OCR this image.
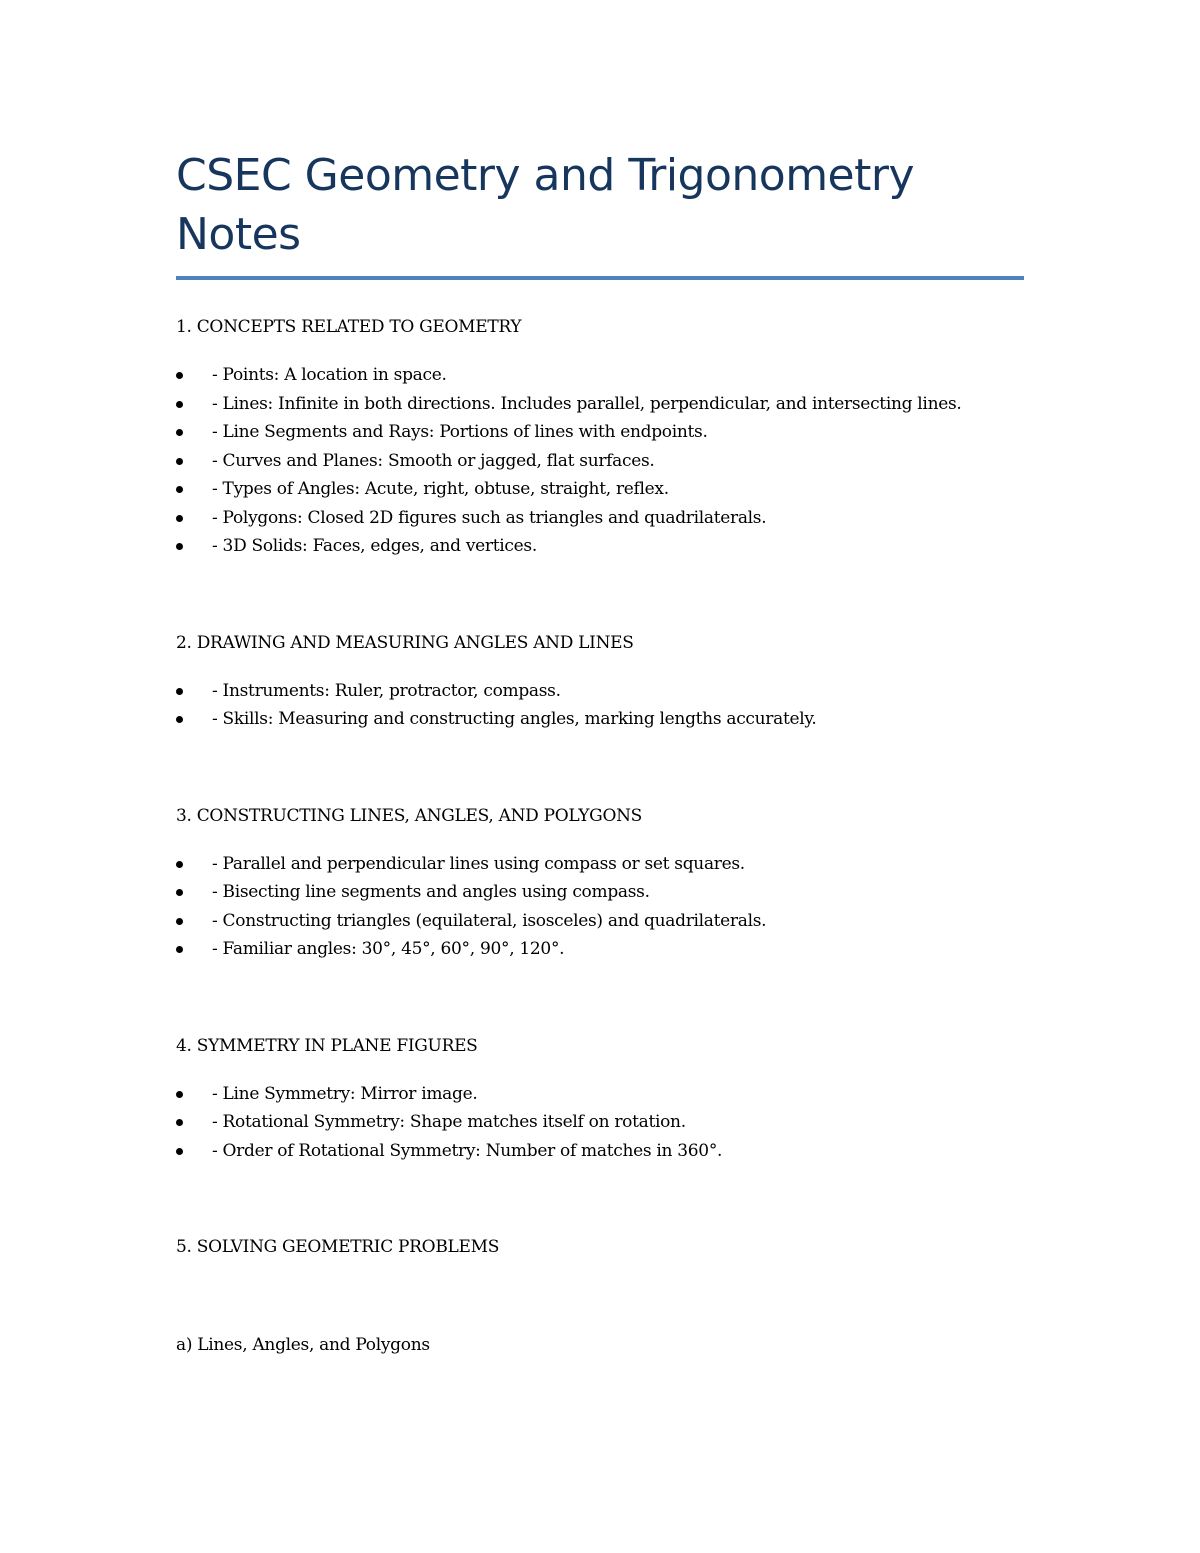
CSEC Geometry and Trigonometry Notes

1. CONCEPTS RELATED TO GEOMETRY

- Points: A location in space.
- Lines: Infinite in both directions. Includes parallel, perpendicular, and intersecting lines.
- Line Segments and Rays: Portions of lines with endpoints.
- Curves and Planes: Smooth or jagged, flat surfaces.
- Types of Angles: Acute, right, obtuse, straight, reflex.
- Polygons: Closed 2D figures such as triangles and quadrilaterals.
- 3D Solids: Faces, edges, and vertices.

2. DRAWING AND MEASURING ANGLES AND LINES

- Instruments: Ruler, protractor, compass.
- Skills: Measuring and constructing angles, marking lengths accurately.

3. CONSTRUCTING LINES, ANGLES, AND POLYGONS

- Parallel and perpendicular lines using compass or set squares.
- Bisecting line segments and angles using compass.
- Constructing triangles (equilateral, isosceles) and quadrilaterals.
- Familiar angles: 30°, 45°, 60°, 90°, 120°.

4. SYMMETRY IN PLANE FIGURES

- Line Symmetry: Mirror image.
- Rotational Symmetry: Shape matches itself on rotation.
- Order of Rotational Symmetry: Number of matches in 360°.

5. SOLVING GEOMETRIC PROBLEMS

a) Lines, Angles, and Polygons
